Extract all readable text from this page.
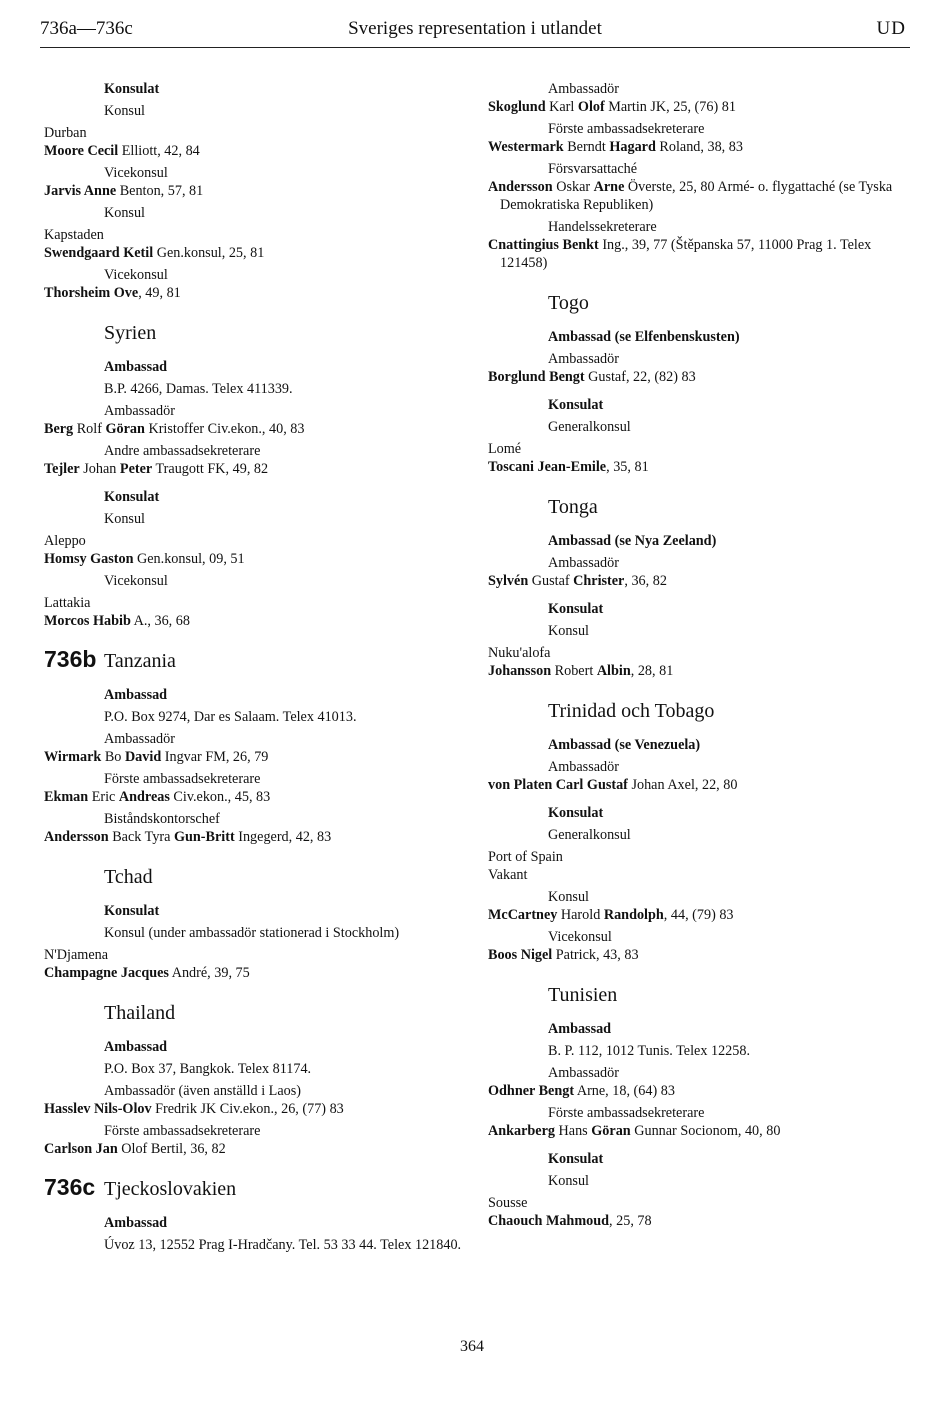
736a—736c	Sveriges representation i utlandet	UD
Konsulat
Konsul
Durban
Moore Cecil Elliott, 42, 84
Vicekonsul
Jarvis Anne Benton, 57, 81
Konsul
Kapstaden
Swendgaard Ketil Gen.konsul, 25, 81
Vicekonsul
Thorsheim Ove, 49, 81
Syrien
Ambassad
B.P. 4266, Damas. Telex 411339.
Ambassadör
Berg Rolf Göran Kristoffer Civ.ekon., 40, 83
Andre ambassadsekreterare
Tejler Johan Peter Traugott FK, 49, 82
Konsulat
Konsul
Aleppo
Homsy Gaston Gen.konsul, 09, 51
Vicekonsul
Lattakia
Morcos Habib A., 36, 68
736b Tanzania
Ambassad
P.O. Box 9274, Dar es Salaam. Telex 41013.
Ambassadör
Wirmark Bo David Ingvar FM, 26, 79
Förste ambassadsekreterare
Ekman Eric Andreas Civ.ekon., 45, 83
Biståndskontorschef
Andersson Back Tyra Gun-Britt Ingegerd, 42, 83
Tchad
Konsulat
Konsul (under ambassadör stationerad i Stockholm)
N'Djamena
Champagne Jacques André, 39, 75
Thailand
Ambassad
P.O. Box 37, Bangkok. Telex 81174.
Ambassadör (även anställd i Laos)
Hasslev Nils-Olov Fredrik JK Civ.ekon., 26, (77) 83
Förste ambassadsekreterare
Carlson Jan Olof Bertil, 36, 82
736c Tjeckoslovakien
Ambassad
Úvoz 13, 12552 Prag I-Hradčany. Tel. 53 33 44. Telex 121840.
Ambassadör
Skoglund Karl Olof Martin JK, 25, (76) 81
Förste ambassadsekreterare
Westermark Berndt Hagard Roland, 38, 83
Försvarsattaché
Andersson Oskar Arne Överste, 25, 80 Armé- o. flygattaché (se Tyska Demokratiska Republiken)
Handelssekreterare
Cnattingius Benkt Ing., 39, 77 (Štěpanska 57, 11000 Prag 1. Telex 121458)
Togo
Ambassad (se Elfenbenskusten)
Ambassadör
Borglund Bengt Gustaf, 22, (82) 83
Konsulat
Generalkonsul
Lomé
Toscani Jean-Emile, 35, 81
Tonga
Ambassad (se Nya Zeeland)
Ambassadör
Sylvén Gustaf Christer, 36, 82
Konsulat
Konsul
Nuku'alofa
Johansson Robert Albin, 28, 81
Trinidad och Tobago
Ambassad (se Venezuela)
Ambassadör
von Platen Carl Gustaf Johan Axel, 22, 80
Konsulat
Generalkonsul
Port of Spain
Vakant
Konsul
McCartney Harold Randolph, 44, (79) 83
Vicekonsul
Boos Nigel Patrick, 43, 83
Tunisien
Ambassad
B. P. 112, 1012 Tunis. Telex 12258.
Ambassadör
Odhner Bengt Arne, 18, (64) 83
Förste ambassadsekreterare
Ankarberg Hans Göran Gunnar Socionom, 40, 80
Konsulat
Konsul
Sousse
Chaouch Mahmoud, 25, 78
364
